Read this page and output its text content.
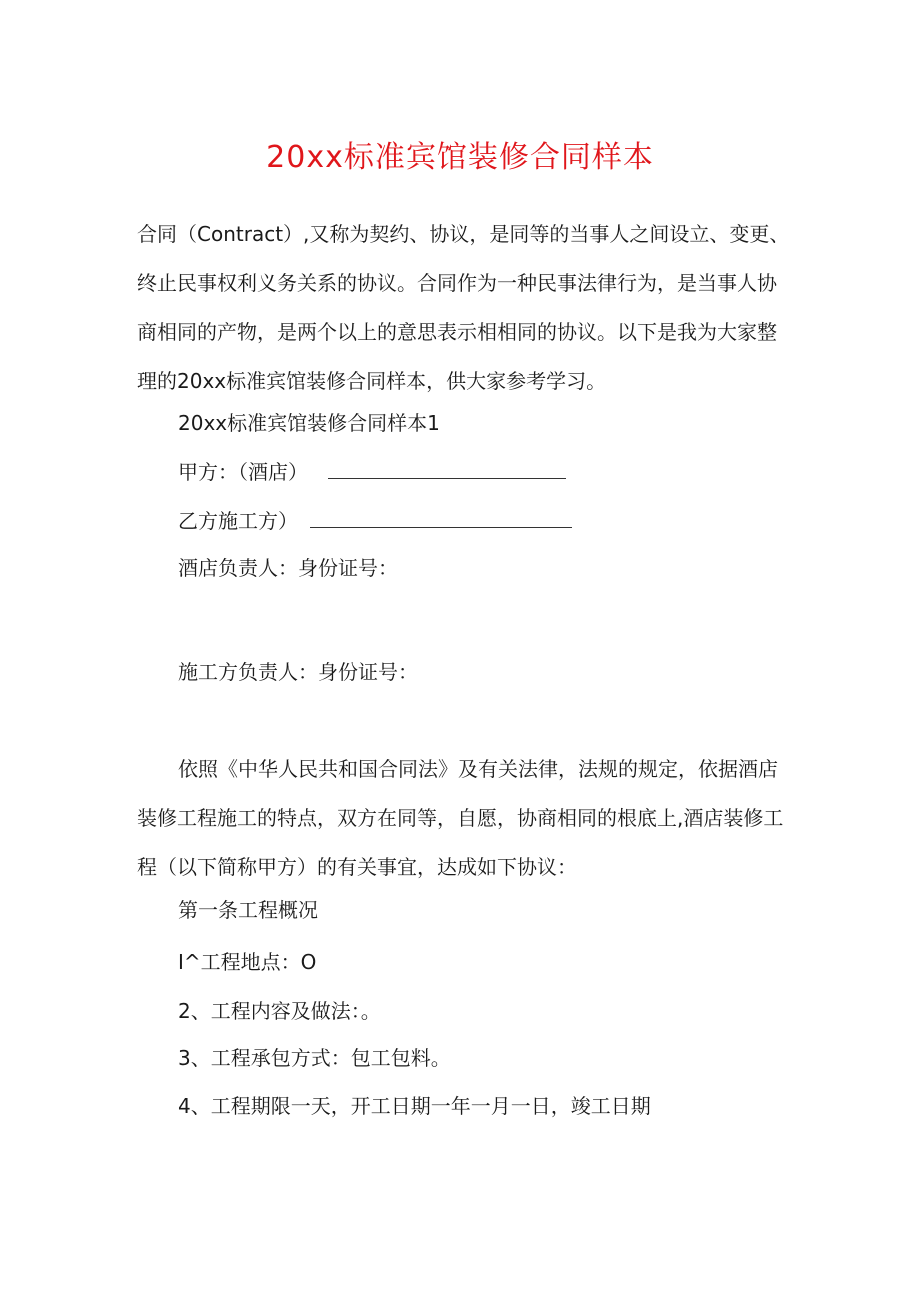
20xx标准宾馆装修合同样本

合同（Contract）,又称为契约、协议，是同等的当事人之间设立、变更、

终止民事权利义务关系的协议。合同作为一种民事法律行为，是当事人协

商相同的产物，是两个以上的意思表示相相同的协议。以下是我为大家整

理的20xx标准宾馆装修合同样本，供大家参考学习。

20xx标准宾馆装修合同样本1
甲方：（酒店）
乙方施工方）
酒店负责人：身份证号：
施工方负责人：身份证号：

依照《中华人民共和国合同法》及有关法律，法规的规定，依据酒店

装修工程施工的特点，双方在同等，自愿，协商相同的根底上,酒店装修工

程（以下简称甲方）的有关事宜，达成如下协议：

第一条工程概况
I^工程地点：O
2、工程内容及做法：。
3、工程承包方式：包工包料。
4、工程期限一天，开工日期一年一月一日，竣工日期
